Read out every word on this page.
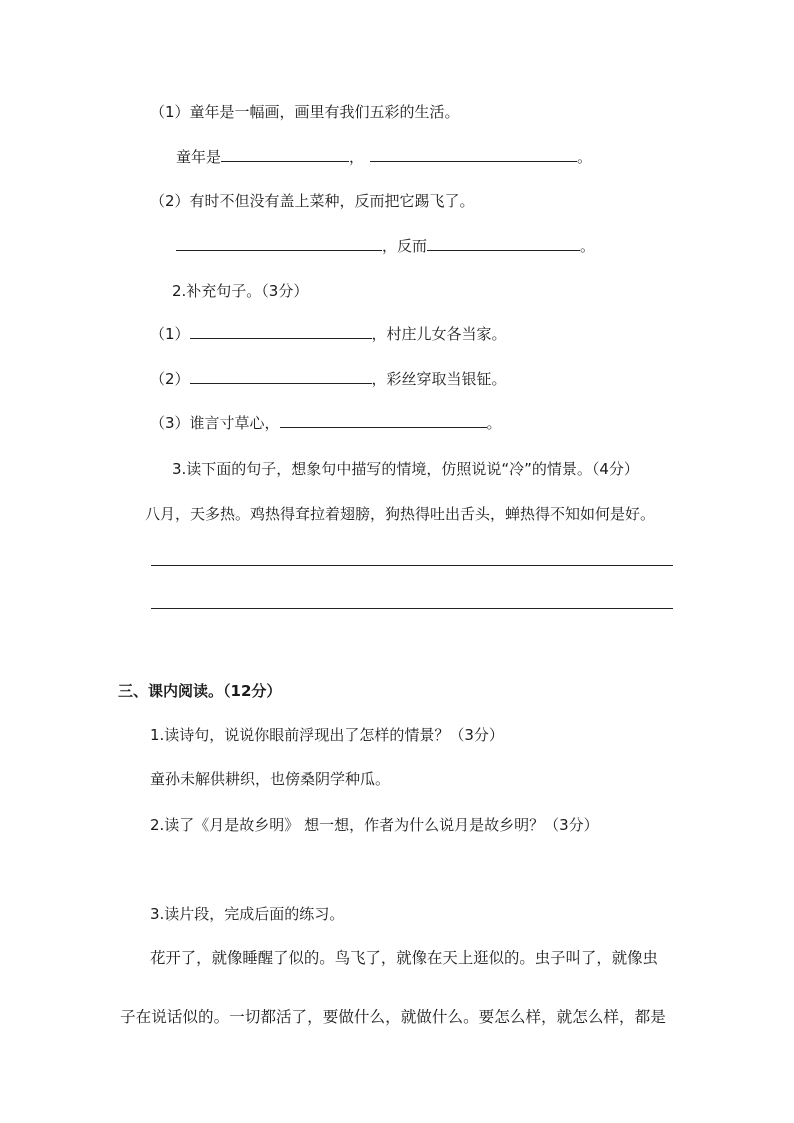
（1）童年是一幅画，画里有我们五彩的生活。
童年是	，	。
（2）有时不但没有盖上菜种，反而把它踢飞了。
，反而	。
2.补充句子。（3分）
（1）	，村庄儿女各当家。
（2）	，彩丝穿取当银钲。
（3）谁言寸草心，	。
3.读下面的句子，想象句中描写的情境，仿照说说“冷”的情景。（4分）
八月，天多热。鸡热得耷拉着翅膀，狗热得吐出舌头，蝉热得不知如何是好。
三、课内阅读。（12分）
1.读诗句，说说你眼前浮现出了怎样的情景？（3分）
童孙未解供耕织，也傍桑阴学种瓜。
2.读了《月是故乡明》 想一想，作者为什么说月是故乡明？（3分）
3.读片段，完成后面的练习。
花开了，就像睡醒了似的。鸟飞了，就像在天上逛似的。虫子叫了，就像虫
子在说话似的。一切都活了，要做什么，就做什么。要怎么样，就怎么样，都是
